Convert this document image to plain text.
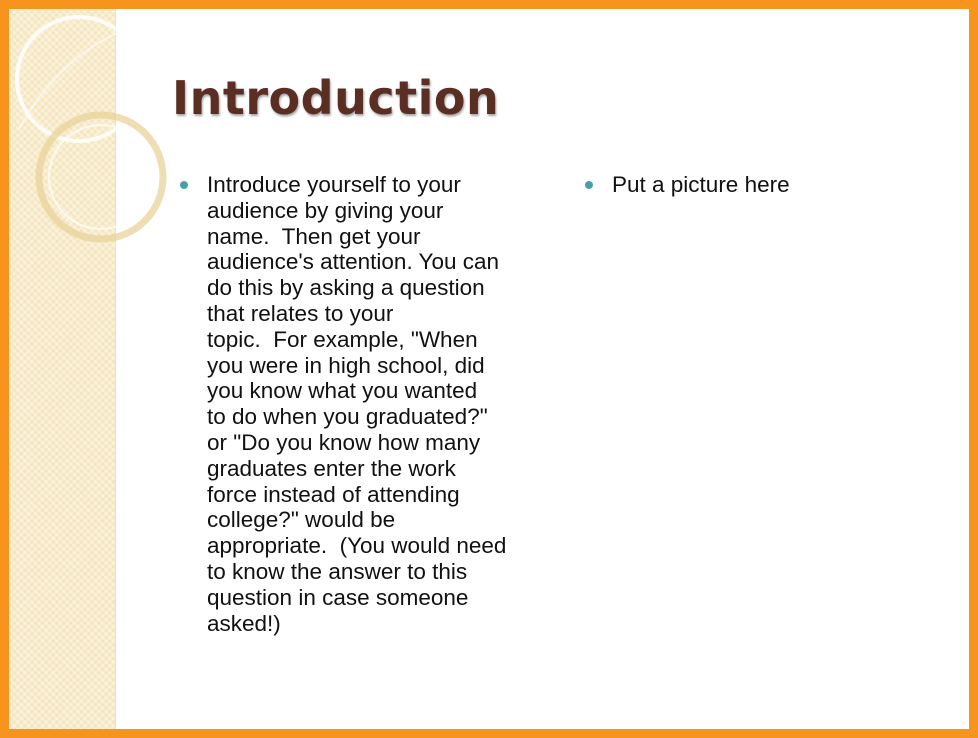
Introduction
Introduce yourself to your
audience by giving your
name.  Then get your
audience's attention. You can
do this by asking a question
that relates to your
topic.  For example, "When
you were in high school, did
you know what you wanted
to do when you graduated?"
or "Do you know how many
graduates enter the work
force instead of attending
college?" would be
appropriate.  (You would need
to know the answer to this
question in case someone
asked!)
Put a picture here
